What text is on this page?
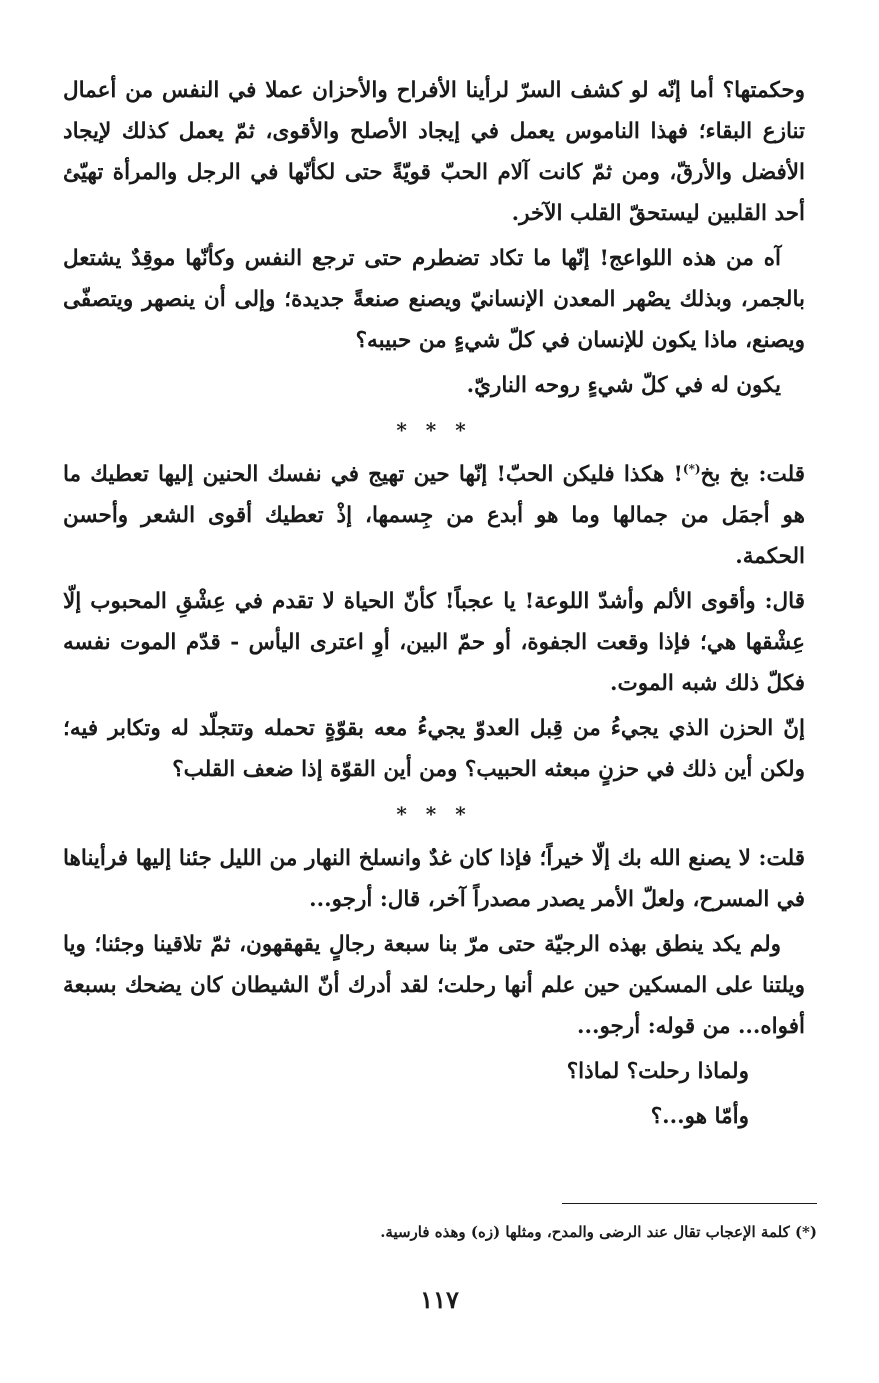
وحكمتها؟ أما إنّه لو كشف السرّ لرأينا الأفراح والأحزان عملا في النفس من أعمال تنازع البقاء؛ فهذا الناموس يعمل في إيجاد الأصلح والأقوى، ثمّ يعمل كذلك لإيجاد الأفضل والأرقّ، ومن ثمّ كانت آلام الحبّ قويّةً حتى لكأنّها في الرجل والمرأة تهيّئ أحد القلبين ليستحقّ القلب الآخر.

آه من هذه اللواعج! إنّها ما تكاد تضطرم حتى ترجع النفس وكأنّها موقِدٌ يشتعل بالجمر، وبذلك يصْهر المعدن الإنسانيّ ويصنع صنعةً جديدة؛ وإلى أن ينصهر ويتصفّى ويصنع، ماذا يكون للإنسان في كلّ شيءٍ من حبيبه؟

يكون له في كلّ شيءٍ روحه الناريّ.

* * *

قلت: بخ بخ(*)! هكذا فليكن الحبّ! إنّها حين تهيج في نفسك الحنين إليها تعطيك ما هو أجمَل من جمالها وما هو أبدع من جِسمها، إذْ تعطيك أقوى الشعر وأحسن الحكمة.

قال: وأقوى الألم وأشدّ اللوعة! يا عجباً! كأنّ الحياة لا تقدم في عِشْقِ المحبوب إلّا عِشْقها هي؛ فإذا وقعت الجفوة، أو حمّ البين، أوِ اعترى اليأس - قدّم الموت نفسه فكلّ ذلك شبه الموت.

إنّ الحزن الذي يجيءُ من قِبل العدوّ يجيءُ معه بقوّةٍ تحمله وتتجلّد له وتكابر فيه؛ ولكن أين ذلك في حزنٍ مبعثه الحبيب؟ ومن أين القوّة إذا ضعف القلب؟

* * *

قلت: لا يصنع الله بك إلّا خيراً؛ فإذا كان غدٌ وانسلخ النهار من الليل جئنا إليها فرأيناها في المسرح، ولعلّ الأمر يصدر مصدراً آخر، قال: أرجو...

ولم يكد ينطق بهذه الرجيّة حتى مرّ بنا سبعة رجالٍ يقهقهون، ثمّ تلاقينا وجئنا؛ ويا ويلتنا على المسكين حين علم أنها رحلت؛ لقد أدرك أنّ الشيطان كان يضحك بسبعة أفواه... من قوله: أرجو...

ولماذا رحلت؟ لماذا؟

وأمّا هو...؟

(*) كلمة الإعجاب تقال عند الرضى والمدح، ومثلها (زه) وهذه فارسية.
١١٧
